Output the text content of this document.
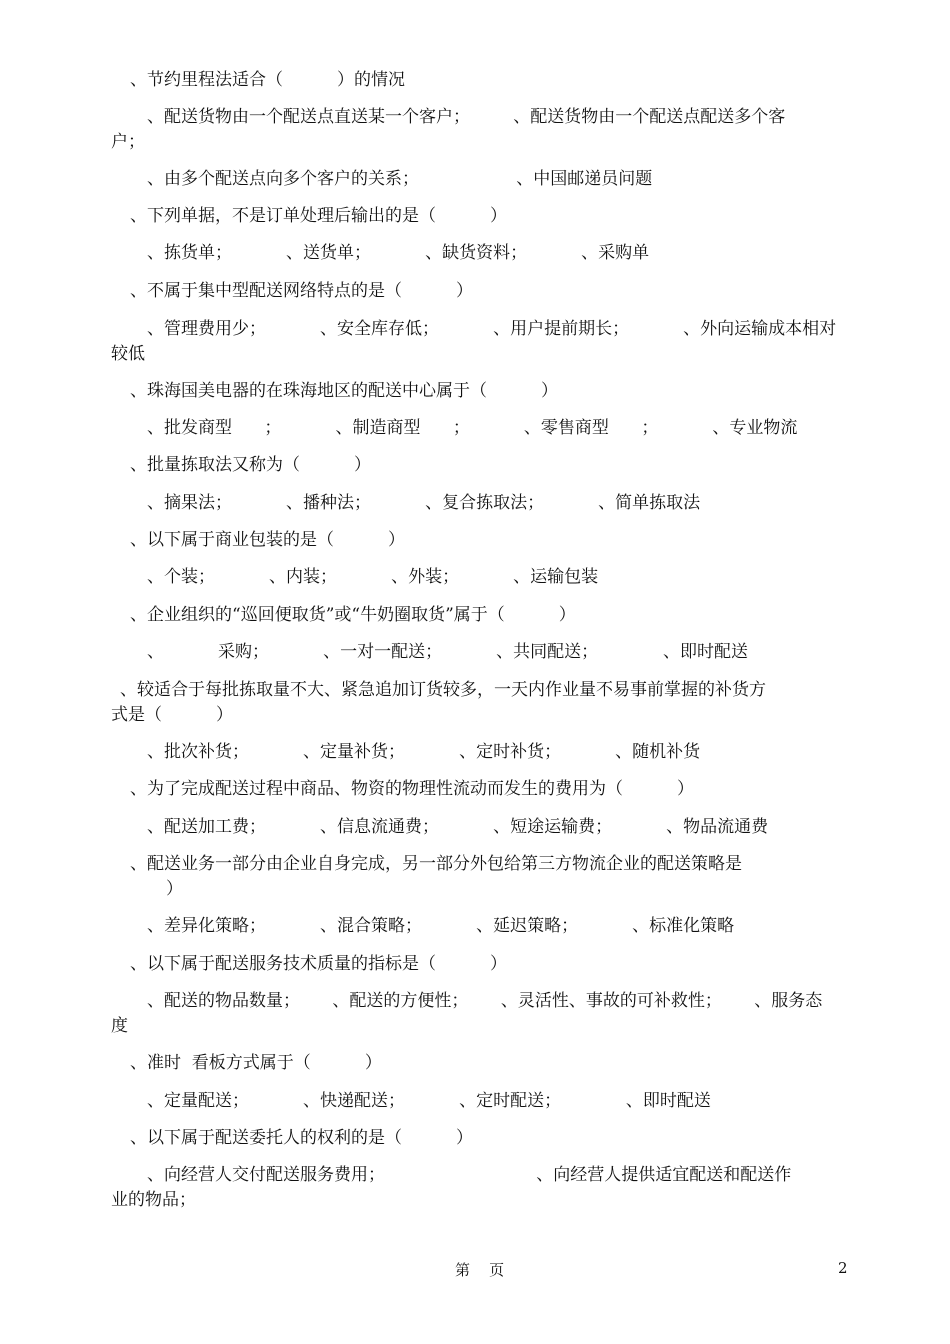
、节约里程法适合（          ）的情况
、配送货物由一个配送点直送某一个客户；        、配送货物由一个配送点配送多个客
户；
、由多个配送点向多个客户的关系；                  、中国邮递员问题
、下列单据，不是订单处理后输出的是（          ）
、拣货单；          、送货单；          、缺货资料；          、采购单
、不属于集中型配送网络特点的是（          ）
、管理费用少；          、安全库存低；          、用户提前期长；          、外向运输成本相对
较低
、珠海国美电器的在珠海地区的配送中心属于（          ）
、批发商型      ；          、制造商型      ；          、零售商型      ；          、专业物流
、批量拣取法又称为（          ）
、摘果法；          、播种法；          、复合拣取法；          、简单拣取法
、以下属于商业包装的是（          ）
、个装；          、内装；          、外装；          、运输包装
、企业组织的“巡回便取货”或“牛奶圈取货”属于（          ）
、          采购；          、一对一配送；          、共同配送；            、即时配送
、较适合于每批拣取量不大、紧急追加订货较多，一天内作业量不易事前掌握的补货方
式是（          ）
、批次补货；          、定量补货；          、定时补货；          、随机补货
、为了完成配送过程中商品、物资的物理性流动而发生的费用为（          ）
、配送加工费；          、信息流通费；          、短途运输费；          、物品流通费
、配送业务一部分由企业自身完成，另一部分外包给第三方物流企业的配送策略是
）
、差异化策略；          、混合策略；          、延迟策略；          、标准化策略
、以下属于配送服务技术质量的指标是（          ）
、配送的物品数量；      、配送的方便性；      、灵活性、事故的可补救性；      、服务态
度
、准时  看板方式属于（          ）
、定量配送；          、快递配送；          、定时配送；            、即时配送
、以下属于配送委托人的权利的是（          ）
、向经营人交付配送服务费用；                            、向经营人提供适宜配送和配送作
业的物品；
第    页	2
